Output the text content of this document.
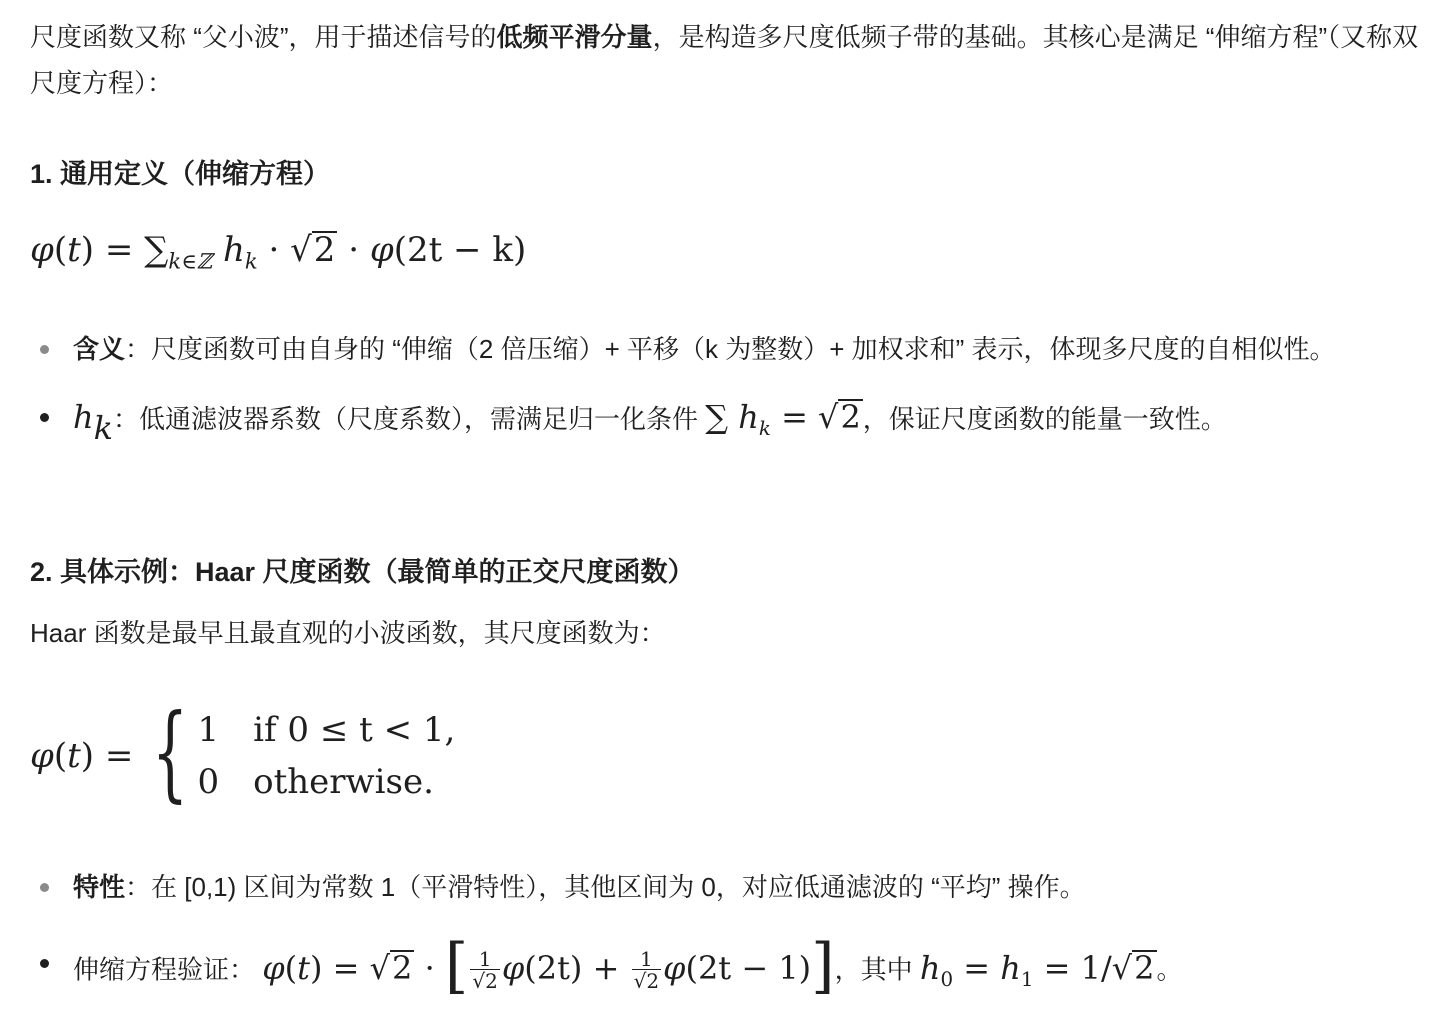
尺度函数又称 “父小波”，用于描述信号的低频平滑分量，是构造多尺度低频子带的基础。其核心是满足 “伸缩方程”（又称双尺度方程）：

1. 通用定义（伸缩方程）
$\varphi(t) = \sum_{k\in ℤ}$ $h_k \cdot √2 \cdot \varphi(2t - k)$
含义：尺度函数可由自身的 “伸缩（2 倍压缩）+ 平移（k 为整数）+ 加权求和” 表示，体现多尺度的自相似性。
hk：低通滤波器系数（尺度系数），需满足归一化条件 ∑ $h_k = √2$，保证尺度函数的能量一致性。
2. 具体示例：Haar 尺度函数（最简单的正交尺度函数）

Haar 函数是最早且最直观的小波函数，其尺度函数为：

φ(t) = { 1 if 0 ≤ t < 1,
0 otherwise.
特性：在 [0,1) 区间为常数 1（平滑特性），其他区间为 0，对应低通滤波的 “平均” 操作。
伸缩方程验证： φ(t) = √2 · [ $\frac{1}{√2} \varphi(2t) + \frac{1}{√2} \varphi(2t - 1)$]，其中 $h_0 = h_1 = 1/√2$。
